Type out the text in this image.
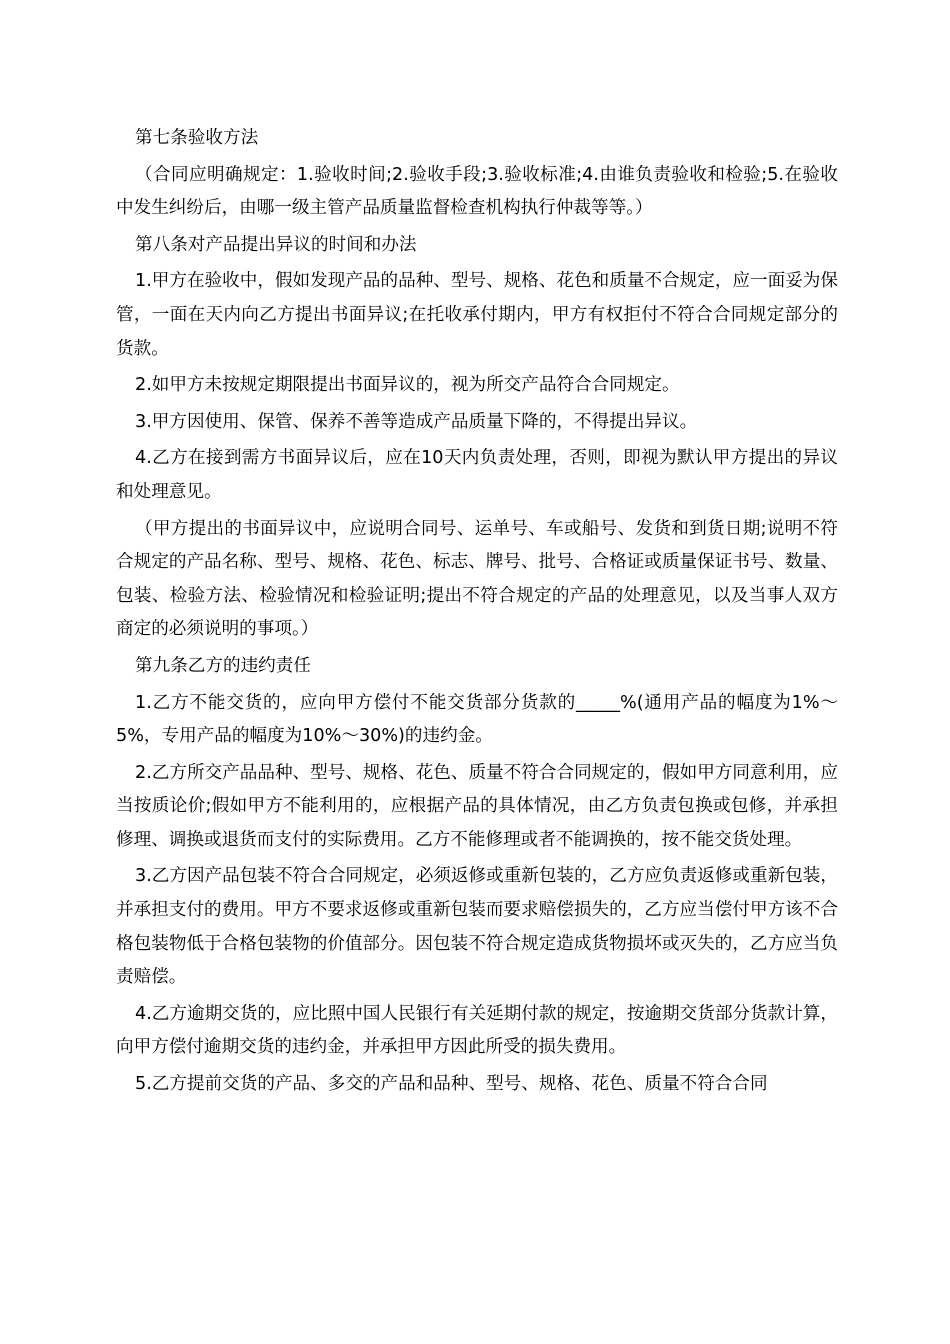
第七条验收方法

（合同应明确规定：1.验收时间;2.验收手段;3.验收标准;4.由谁负责验收和检验;5.在验收中发生纠纷后，由哪一级主管产品质量监督检查机构执行仲裁等等。）

第八条对产品提出异议的时间和办法

1.甲方在验收中，假如发现产品的品种、型号、规格、花色和质量不合规定，应一面妥为保管，一面在天内向乙方提出书面异议;在托收承付期内，甲方有权拒付不符合合同规定部分的货款。

2.如甲方未按规定期限提出书面异议的，视为所交产品符合合同规定。

3.甲方因使用、保管、保养不善等造成产品质量下降的，不得提出异议。

4.乙方在接到需方书面异议后，应在10天内负责处理，否则，即视为默认甲方提出的异议和处理意见。

（甲方提出的书面异议中，应说明合同号、运单号、车或船号、发货和到货日期;说明不符合规定的产品名称、型号、规格、花色、标志、牌号、批号、合格证或质量保证书号、数量、包装、检验方法、检验情况和检验证明;提出不符合规定的产品的处理意见，以及当事人双方商定的必须说明的事项。）

第九条乙方的违约责任

1.乙方不能交货的，应向甲方偿付不能交货部分货款的_____%(通用产品的幅度为1%～5%，专用产品的幅度为10%～30%)的违约金。

2.乙方所交产品品种、型号、规格、花色、质量不符合合同规定的，假如甲方同意利用，应当按质论价;假如甲方不能利用的，应根据产品的具体情况，由乙方负责包换或包修，并承担修理、调换或退货而支付的实际费用。乙方不能修理或者不能调换的，按不能交货处理。

3.乙方因产品包装不符合合同规定，必须返修或重新包装的，乙方应负责返修或重新包装，并承担支付的费用。甲方不要求返修或重新包装而要求赔偿损失的，乙方应当偿付甲方该不合格包装物低于合格包装物的价值部分。因包装不符合规定造成货物损坏或灭失的，乙方应当负责赔偿。

4.乙方逾期交货的，应比照中国人民银行有关延期付款的规定，按逾期交货部分货款计算，向甲方偿付逾期交货的违约金，并承担甲方因此所受的损失费用。

5.乙方提前交货的产品、多交的产品和品种、型号、规格、花色、质量不符合合同
